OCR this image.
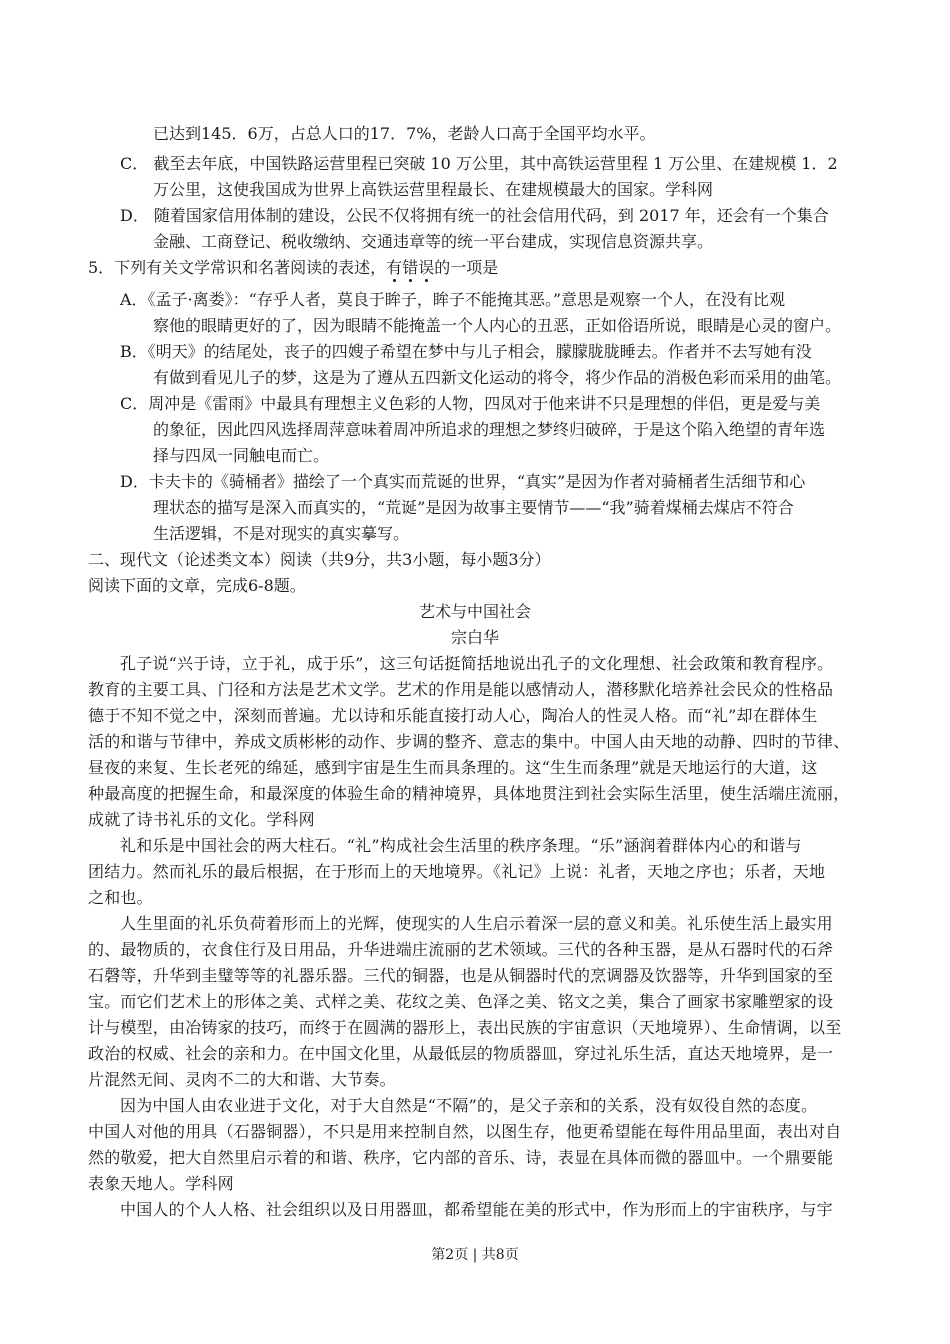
已达到145．6万，占总人口的17．7%，老龄人口高于全国平均水平。
C． 截至去年底，中国铁路运营里程已突破 10 万公里，其中高铁运营里程 1 万公里、在建规模 1．2
万公里，这使我国成为世界上高铁运营里程最长、在建规模最大的国家。学科网
D． 随着国家信用体制的建设，公民不仅将拥有统一的社会信用代码，到 2017 年，还会有一个集合
金融、工商登记、税收缴纳、交通违章等的统一平台建成，实现信息资源共享。
5．下列有关文学常识和名著阅读的表述，有错误的一项是
A．《孟子·离娄》：“存乎人者，莫良于眸子，眸子不能掩其恶。”意思是观察一个人，在没有比观
察他的眼睛更好的了，因为眼睛不能掩盖一个人内心的丑恶，正如俗语所说，眼睛是心灵的窗户。
B．《明天》的结尾处，丧子的四嫂子希望在梦中与儿子相会，朦朦胧胧睡去。作者并不去写她有没
有做到看见儿子的梦，这是为了遵从五四新文化运动的将令，将少作品的消极色彩而采用的曲笔。
C．周冲是《雷雨》中最具有理想主义色彩的人物，四凤对于他来讲不只是理想的伴侣，更是爱与美
的象征，因此四风选择周萍意味着周冲所追求的理想之梦终归破碎，于是这个陷入绝望的青年选
择与四凤一同触电而亡。
D．卡夫卡的《骑桶者》描绘了一个真实而荒诞的世界，“真实”是因为作者对骑桶者生活细节和心
理状态的描写是深入而真实的，“荒诞”是因为故事主要情节——“我”骑着煤桶去煤店不符合
生活逻辑，不是对现实的真实摹写。
二、现代文（论述类文本）阅读（共9分，共3小题，每小题3分）
阅读下面的文章，完成6-8题。
艺术与中国社会
宗白华
孔子说“兴于诗，立于礼，成于乐”，这三句话挺简括地说出孔子的文化理想、社会政策和教育程序。
教育的主要工具、门径和方法是艺术文学。艺术的作用是能以感情动人，潜移默化培养社会民众的性格品
德于不知不觉之中，深刻而普遍。尤以诗和乐能直接打动人心，陶冶人的性灵人格。而“礼”却在群体生
活的和谐与节律中，养成文质彬彬的动作、步调的整齐、意志的集中。中国人由天地的动静、四时的节律、
昼夜的来复、生长老死的绵延，感到宇宙是生生而具条理的。这“生生而条理”就是天地运行的大道，这
种最高度的把握生命，和最深度的体验生命的精神境界，具体地贯注到社会实际生活里，使生活端庄流丽，
成就了诗书礼乐的文化。学科网
礼和乐是中国社会的两大柱石。“礼”构成社会生活里的秩序条理。“乐”涵润着群体内心的和谐与
团结力。然而礼乐的最后根据，在于形而上的天地境界。《礼记》上说：礼者，天地之序也；乐者，天地
之和也。
人生里面的礼乐负荷着形而上的光辉，使现实的人生启示着深一层的意义和美。礼乐使生活上最实用
的、最物质的，衣食住行及日用品，升华进端庄流丽的艺术领域。三代的各种玉器，是从石器时代的石斧
石磬等，升华到圭璧等等的礼器乐器。三代的铜器，也是从铜器时代的烹调器及饮器等，升华到国家的至
宝。而它们艺术上的形体之美、式样之美、花纹之美、色泽之美、铭文之美，集合了画家书家雕塑家的设
计与模型，由冶铸家的技巧，而终于在圆满的器形上，表出民族的宇宙意识（天地境界）、生命情调，以至
政治的权威、社会的亲和力。在中国文化里，从最低层的物质器皿，穿过礼乐生活，直达天地境界，是一
片混然无间、灵肉不二的大和谐、大节奏。
因为中国人由农业进于文化，对于大自然是“不隔”的，是父子亲和的关系，没有奴役自然的态度。
中国人对他的用具（石器铜器），不只是用来控制自然，以图生存，他更希望能在每件用品里面，表出对自
然的敬爱，把大自然里启示着的和谐、秩序，它内部的音乐、诗，表显在具体而微的器皿中。一个鼎要能
表象天地人。学科网
中国人的个人人格、社会组织以及日用器皿，都希望能在美的形式中，作为形而上的宇宙秩序，与宇
第2页 | 共8页
